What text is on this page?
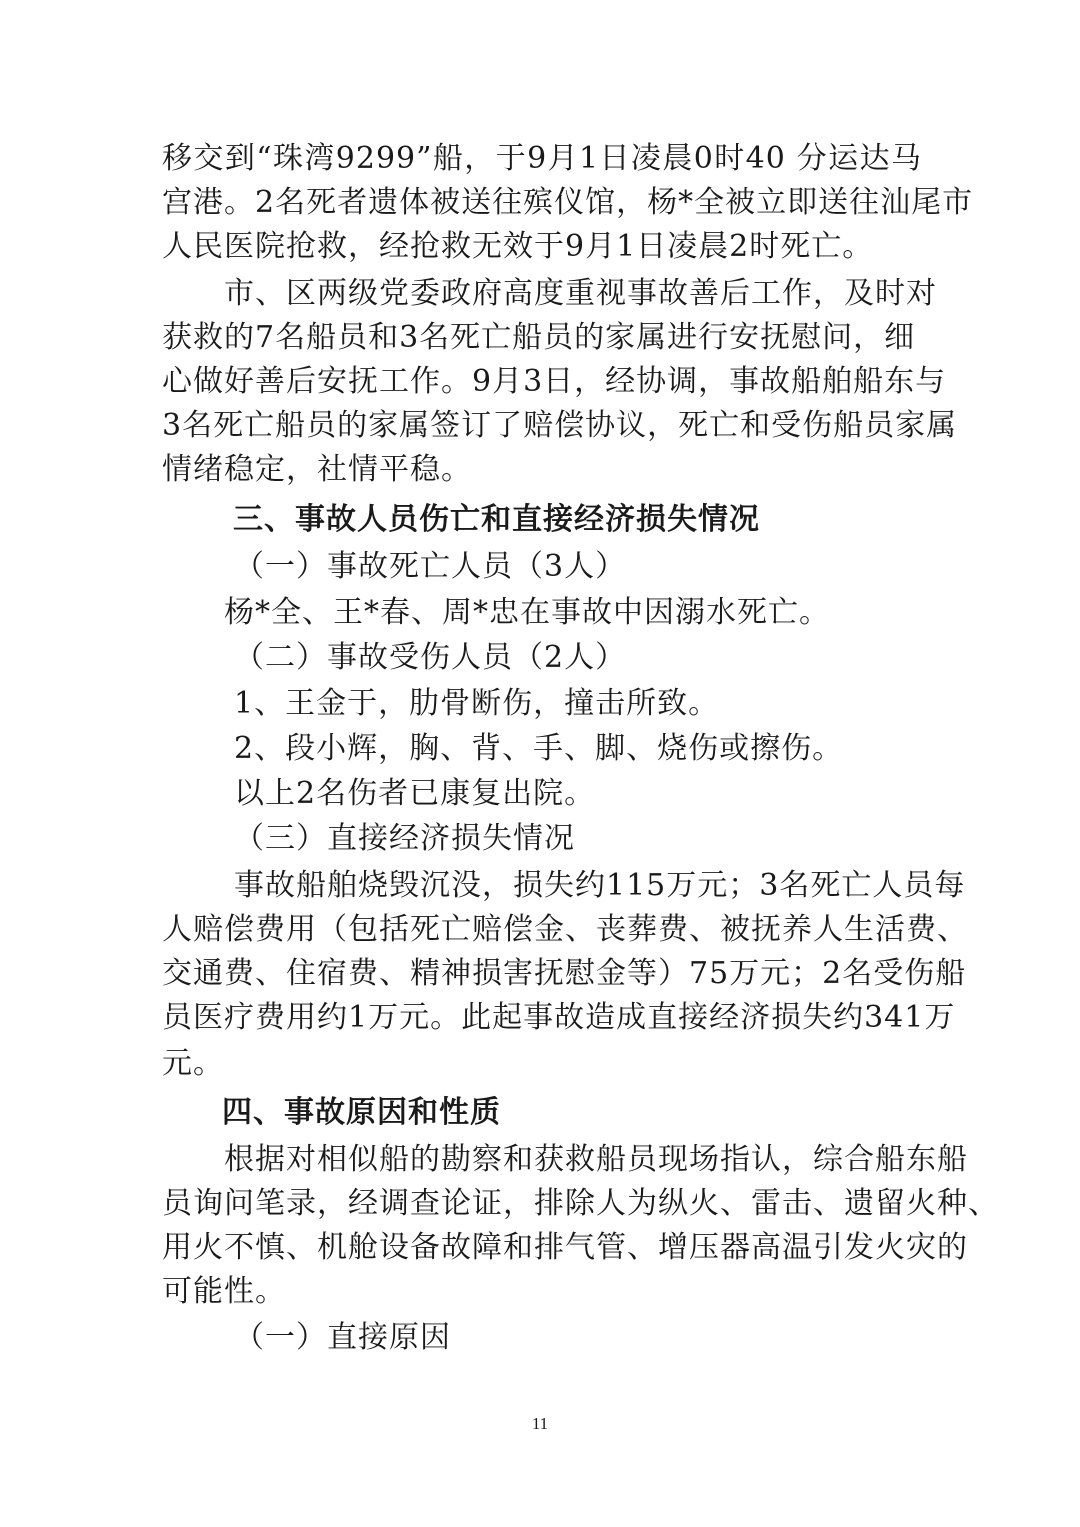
移交到“珠湾9299”船，于9月1日凌晨0时40 分运达马
宫港。2名死者遗体被送往殡仪馆，杨*全被立即送往汕尾市
人民医院抢救，经抢救无效于9月1日凌晨2时死亡。
市、区两级党委政府高度重视事故善后工作，及时对
获救的7名船员和3名死亡船员的家属进行安抚慰问，细
心做好善后安抚工作。9月3日，经协调，事故船舶船东与
3名死亡船员的家属签订了赔偿协议，死亡和受伤船员家属
情绪稳定，社情平稳。
三、事故人员伤亡和直接经济损失情况
（一）事故死亡人员（3人）
杨*全、王*春、周*忠在事故中因溺水死亡。
（二）事故受伤人员（2人）
1、王金于，肋骨断伤，撞击所致。
2、段小辉，胸、背、手、脚、烧伤或擦伤。
以上2名伤者已康复出院。
（三）直接经济损失情况
事故船舶烧毁沉没，损失约115万元；3名死亡人员每
人赔偿费用（包括死亡赔偿金、丧葬费、被抚养人生活费、
交通费、住宿费、精神损害抚慰金等）75万元；2名受伤船
员医疗费用约1万元。此起事故造成直接经济损失约341万
元。
四、事故原因和性质
根据对相似船的勘察和获救船员现场指认，综合船东船
员询问笔录，经调查论证，排除人为纵火、雷击、遗留火种、
用火不慎、机舱设备故障和排气管、增压器高温引发火灾的
可能性。
（一）直接原因
11
